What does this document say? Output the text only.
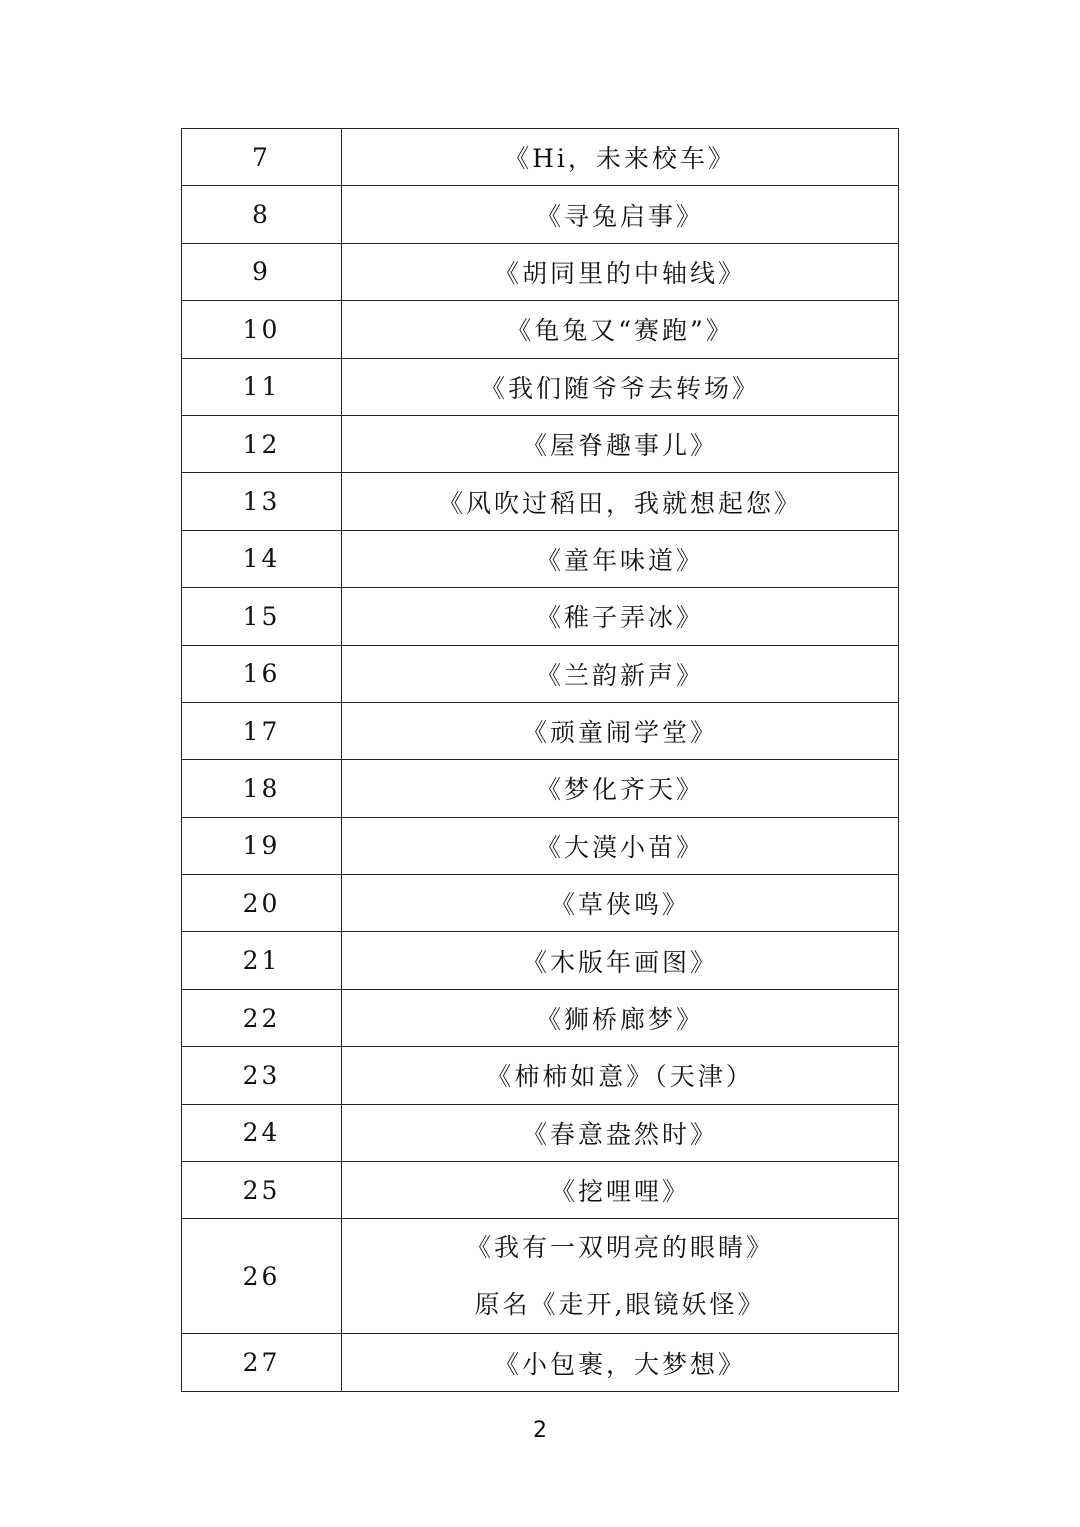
7	《Hi，未来校车》
8	《寻兔启事》
9	《胡同里的中轴线》
10	《龟兔又“赛跑”》
11	《我们随爷爷去转场》
12	《屋脊趣事儿》
13	《风吹过稻田，我就想起您》
14	《童年味道》
15	《稚子弄冰》
16	《兰韵新声》
17	《顽童闹学堂》
18	《梦化齐天》
19	《大漠小苗》
20	《草侠鸣》
21	《木版年画图》
22	《狮桥廊梦》
23	《柿柿如意》（天津）
24	《春意盎然时》
25	《挖哩哩》
26	《我有一双明亮的眼睛》
原名《走开,眼镜妖怪》

27	《小包裹，大梦想》
2
